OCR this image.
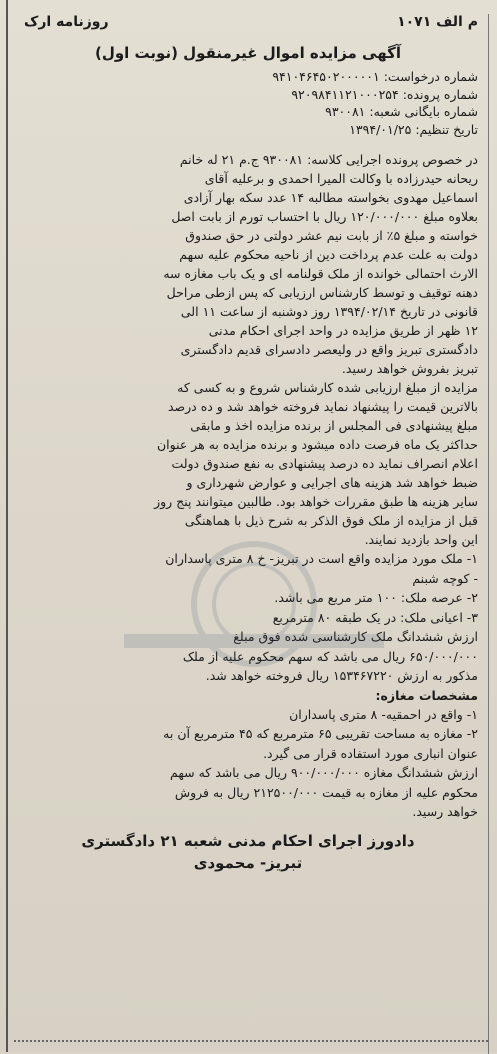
م الف ۱۰۷۱
روزنامه ارک
آگهی مزایده اموال غیرمنقول (نوبت اول)
شماره درخواست: ۹۴۱۰۴۶۴۵۰۲۰۰۰۰۰۱
شماره پرونده: ۹۲۰۹۸۴۱۱۲۱۰۰۰۲۵۴
شماره بایگانی شعبه: ۹۳۰۰۸۱
تاریخ تنظیم: ۱۳۹۴/۰۱/۲۵

در خصوص پرونده اجرایی کلاسه: ۹۳۰۰۸۱ ج.م ۲۱ له خانم

ریحانه حیدرزاده با وکالت المیرا احمدی و برعلیه آقای

اسماعیل مهدوی بخواسته مطالبه ۱۴ عدد سکه بهار آزادی

بعلاوه مبلغ ۱۲۰/۰۰۰/۰۰۰ ریال با احتساب تورم از بابت اصل

خواسته و مبلغ ۵٪ از بابت نیم عشر دولتی در حق صندوق

دولت به علت عدم پرداخت دین از ناحیه محکوم علیه سهم

الارث احتمالی خوانده از ملک قولنامه ای و یک باب مغازه سه

دهنه توقیف و توسط کارشناس ارزیابی که پس ازطی مراحل

قانونی در تاریخ ۱۳۹۴/۰۲/۱۴ روز دوشنبه از ساعت ۱۱ الی

۱۲ ظهر از طریق مزایده در واحد اجرای احکام مدنی

دادگستری تبریز واقع در ولیعصر دادسرای قدیم دادگستری

تبریز بفروش خواهد رسید.

مزایده از مبلغ ارزیابی شده کارشناس شروع و به کسی که

بالاترین قیمت را پیشنهاد نماید فروخته خواهد شد و ده درصد

مبلغ پیشنهادی فی المجلس از برنده مزایده اخذ و مابقی

حداکثر یک ماه فرصت داده میشود و برنده مزایده به هر عنوان

اعلام انصراف نماید ده درصد پیشنهادی به نفع صندوق دولت

ضبط خواهد شد هزینه های اجرایی و عوارض شهرداری و

سایر هزینه ها طبق مقررات خواهد بود. طالبین میتوانند پنج روز

قبل از مزایده از ملک فوق الذکر به شرح ذیل با هماهنگی

این واحد بازدید نمایند.

۱- ملک مورد مزایده واقع است در تبریز- خ ۸ متری پاسداران
- کوچه شبنم
۲- عرصه ملک: ۱۰۰ متر مربع می باشد.
۳- اعیانی ملک: در یک طبقه ۸۰ مترمربع
ارزش ششدانگ ملک کارشناسی شده فوق مبلغ
۶۵۰/۰۰۰/۰۰۰ ریال می باشد که سهم محکوم علیه از ملک
مذکور به ارزش ۱۵۳۴۶۷۲۲۰ ریال فروخته خواهد شد.
مشخصات مغازه:
۱- واقع در احمقیه- ۸ متری پاسداران
۲- مغازه به مساحت تقریبی ۶۵ مترمربع که ۴۵ مترمربع آن به
عنوان انباری مورد استفاده قرار می گیرد.
ارزش ششدانگ مغازه ۹۰۰/۰۰۰/۰۰۰ ریال می باشد که سهم
محکوم علیه از مغازه به قیمت ۲۱۲۵۰۰/۰۰۰ ریال به فروش
خواهد رسید.
دادورز اجرای احکام مدنی شعبه ۲۱ دادگستری
تبریز- محمودی
